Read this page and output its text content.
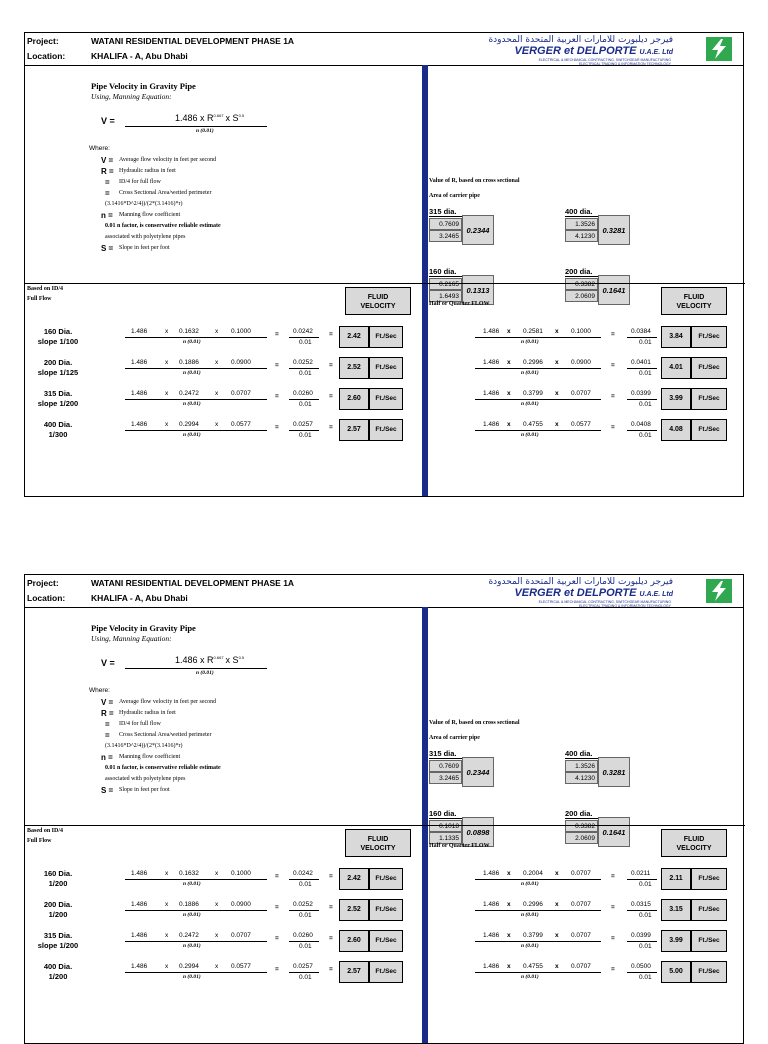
Project:	WATANI RESIDENTIAL DEVELOPMENT PHASE 1A
Location:	KHALIFA - A, Abu Dhabi
فيرجر ديلبورت للامارات العربية المتحدة المحدودة
VERGER et DELPORTE U.A.E. Ltd
ELECTRICAL & MECHANICAL CONTRACTING, SWITCHGEAR MANUFACTURING
ELECTRICAL TRADING & INFORMATION TECHNOLOGY
Pipe Velocity in Gravity Pipe
Using, Manning Equation:
V =	1.486 x $R^{0.667}$ x $S^{0.5}$
n (0.01)
Where:
V = Average flow velocity in feet per second
R = Hydraulic radius in feet
= ID/4 for full flow
= Cross Sectional Area/wetted perimeter
(3.1416*D^2/4))/(2*(3.1416)*r)
n = Manning flow coefficient
0.01 n factor, is conservative reliable estimate
associated with polyetylene pipes
S = Slope in feet per foot
Value of R, based on cross sectional
Area of carrier pipe
315 dia.
0.7609
3.2465
0.2344
400 dia.
1.3526
4.1230
0.3281
160 dia.
0.2165
1.6493
0.1313
200 dia.
0.3382
2.0609
0.1641
Based on ID/4
Full Flow	FLUID
VELOCITY	Half or Quarter FLOW
FLUID
VELOCITY
160 Dia.
slope 1/100
1.486	x 0.1632 x 0.1000
n (0.01)
= 0.0242
0.01
=	2.42	Ft./Sec
1.486 x 0.2581 x 0.1000
n (0.01)
= 0.0384
0.01
3.84	Ft./Sec
200 Dia.
slope 1/125
1.486	x 0.1886 x 0.0900
n (0.01)
= 0.0252
0.01
=	2.52	Ft./Sec
1.486 x 0.2996 x 0.0900
n (0.01)
= 0.0401
0.01
4.01	Ft./Sec
315 Dia.
slope 1/200
1.486	x 0.2472 x 0.0707
n (0.01)
= 0.0260
0.01
=	2.60	Ft./Sec
1.486 x 0.3799 x 0.0707
n (0.01)
= 0.0399
0.01
3.99	Ft./Sec
400 Dia.
1/300
1.486	x 0.2994 x 0.0577
n (0.01)
= 0.0257
0.01
=	2.57	Ft./Sec
1.486 x 0.4755 x 0.0577
n (0.01)
= 0.0408
0.01
4.08	Ft./Sec
Project:	WATANI RESIDENTIAL DEVELOPMENT PHASE 1A
Location:	KHALIFA - A, Abu Dhabi
فيرجر ديلبورت للامارات العربية المتحدة المحدودة
VERGER et DELPORTE U.A.E. Ltd
ELECTRICAL & MECHANICAL CONTRACTING, SWITCHGEAR MANUFACTURING
ELECTRICAL TRADING & INFORMATION TECHNOLOGY
Pipe Velocity in Gravity Pipe
Using, Manning Equation:
V =	1.486 x $R^{0.667}$ x $S^{0.5}$
n (0.01)
Where:
V = Average flow velocity in feet per second
R = Hydraulic radius in feet
= ID/4 for full flow
= Cross Sectional Area/wetted perimeter
(3.1416*D^2/4))/(2*(3.1416)*r)
n = Manning flow coefficient
0.01 n factor, is conservative reliable estimate
associated with polyetylene pipes
S = Slope in feet per foot
Value of R, based on cross sectional
Area of carrier pipe
315 dia.
0.7609
3.2465
0.2344
400 dia.
1.3526
4.1230
0.3281
160 dia.
0.1018
1.1335
0.0898
200 dia.
0.3382
2.0609
0.1641
Based on ID/4
Full Flow	FLUID
VELOCITY	Half or Quarter FLOW
FLUID
VELOCITY
160 Dia.
1/200
1.486	x 0.1632 x 0.1000
n (0.01)
= 0.0242
0.01
=	2.42	Ft./Sec
1.486 x 0.2004 x 0.0707
n (0.01)
= 0.0211
0.01
2.11	Ft./Sec
200 Dia.
1/200
1.486	x 0.1886 x 0.0900
n (0.01)
= 0.0252
0.01
=	2.52	Ft./Sec
1.486 x 0.2996 x 0.0707
n (0.01)
= 0.0315
0.01
3.15	Ft./Sec
315 Dia.
slope 1/200
1.486	x 0.2472 x 0.0707
n (0.01)
= 0.0260
0.01
=	2.60	Ft./Sec
1.486 x 0.3799 x 0.0707
n (0.01)
= 0.0399
0.01
3.99	Ft./Sec
400 Dia.
1/200
1.486	x 0.2994 x 0.0577
n (0.01)
= 0.0257
0.01
=	2.57	Ft./Sec
1.486 x 0.4755 x 0.0707
n (0.01)
= 0.0500
0.01
5.00	Ft./Sec
